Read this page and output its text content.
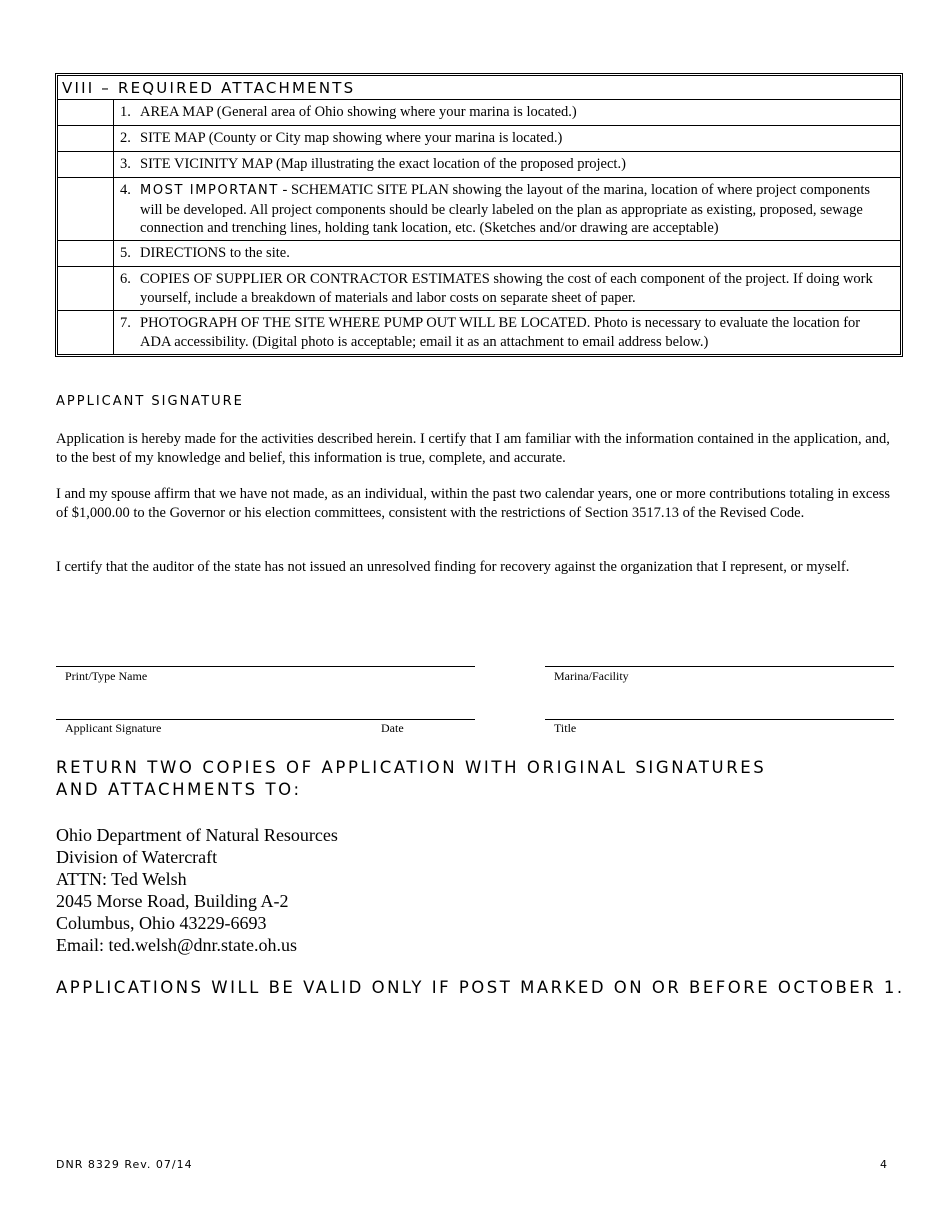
VIII – REQUIRED ATTACHMENTS
1. AREA MAP (General area of Ohio showing where your marina is located.)
2. SITE MAP (County or City map showing where your marina is located.)
3. SITE VICINITY MAP (Map illustrating the exact location of the proposed project.)
4. MOST IMPORTANT - SCHEMATIC SITE PLAN showing the layout of the marina, location of where project components will be developed. All project components should be clearly labeled on the plan as appropriate as existing, proposed, sewage connection and trenching lines, holding tank location, etc. (Sketches and/or drawing are acceptable)
5. DIRECTIONS to the site.
6. COPIES OF SUPPLIER OR CONTRACTOR ESTIMATES showing the cost of each component of the project. If doing work yourself, include a breakdown of materials and labor costs on separate sheet of paper.
7. PHOTOGRAPH OF THE SITE WHERE PUMP OUT WILL BE LOCATED. Photo is necessary to evaluate the location for ADA accessibility. (Digital photo is acceptable; email it as an attachment to email address below.)
APPLICANT SIGNATURE
Application is hereby made for the activities described herein. I certify that I am familiar with the information contained in the application, and, to the best of my knowledge and belief, this information is true, complete, and accurate.
I and my spouse affirm that we have not made, as an individual, within the past two calendar years, one or more contributions totaling in excess of $1,000.00 to the Governor or his election committees, consistent with the restrictions of Section 3517.13 of the Revised Code.
I certify that the auditor of the state has not issued an unresolved finding for recovery against the organization that I represent, or myself.
Print/Type Name	Marina/Facility
Applicant Signature	Date	Title
RETURN TWO COPIES OF APPLICATION WITH ORIGINAL SIGNATURES AND ATTACHMENTS TO:
Ohio Department of Natural Resources
Division of Watercraft
ATTN: Ted Welsh
2045 Morse Road, Building A-2
Columbus, Ohio 43229-6693
Email: ted.welsh@dnr.state.oh.us
APPLICATIONS WILL BE VALID ONLY IF POST MARKED ON OR BEFORE OCTOBER 1.
DNR 8329 Rev. 07/14	4
